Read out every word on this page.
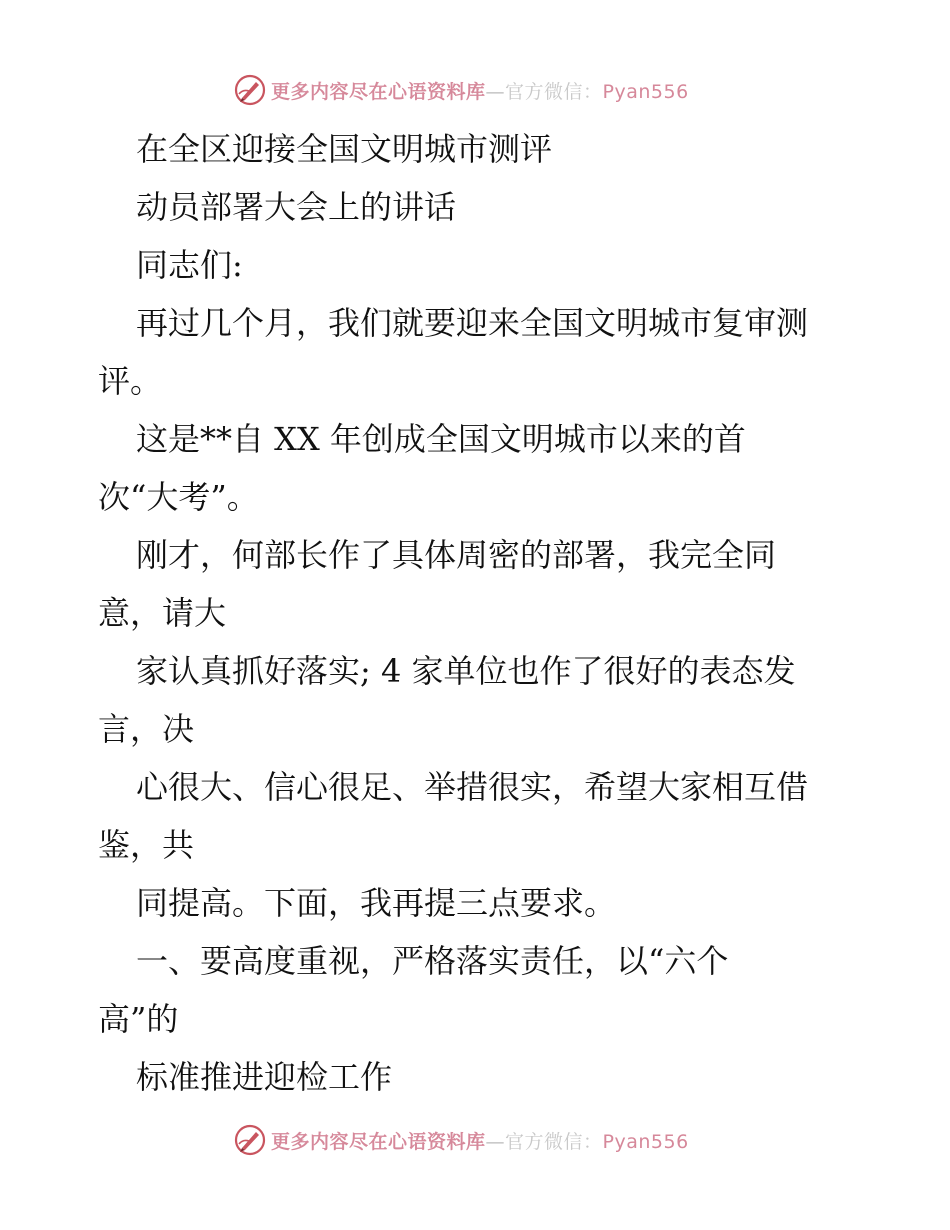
更多内容尽在心语资料库—官方微信：Pyan556
在全区迎接全国文明城市测评
动员部署大会上的讲话
同志们:
再过几个月，我们就要迎来全国文明城市复审测
评。
这是**自 XX 年创成全国文明城市以来的首
次“大考”。
刚才，何部长作了具体周密的部署，我完全同
意，请大
家认真抓好落实; 4 家单位也作了很好的表态发
言，决
心很大、信心很足、举措很实，希望大家相互借
鉴，共
同提高。下面，我再提三点要求。
一、要高度重视，严格落实责任，以“六个
高”的
标准推进迎检工作
更多内容尽在心语资料库—官方微信：Pyan556
